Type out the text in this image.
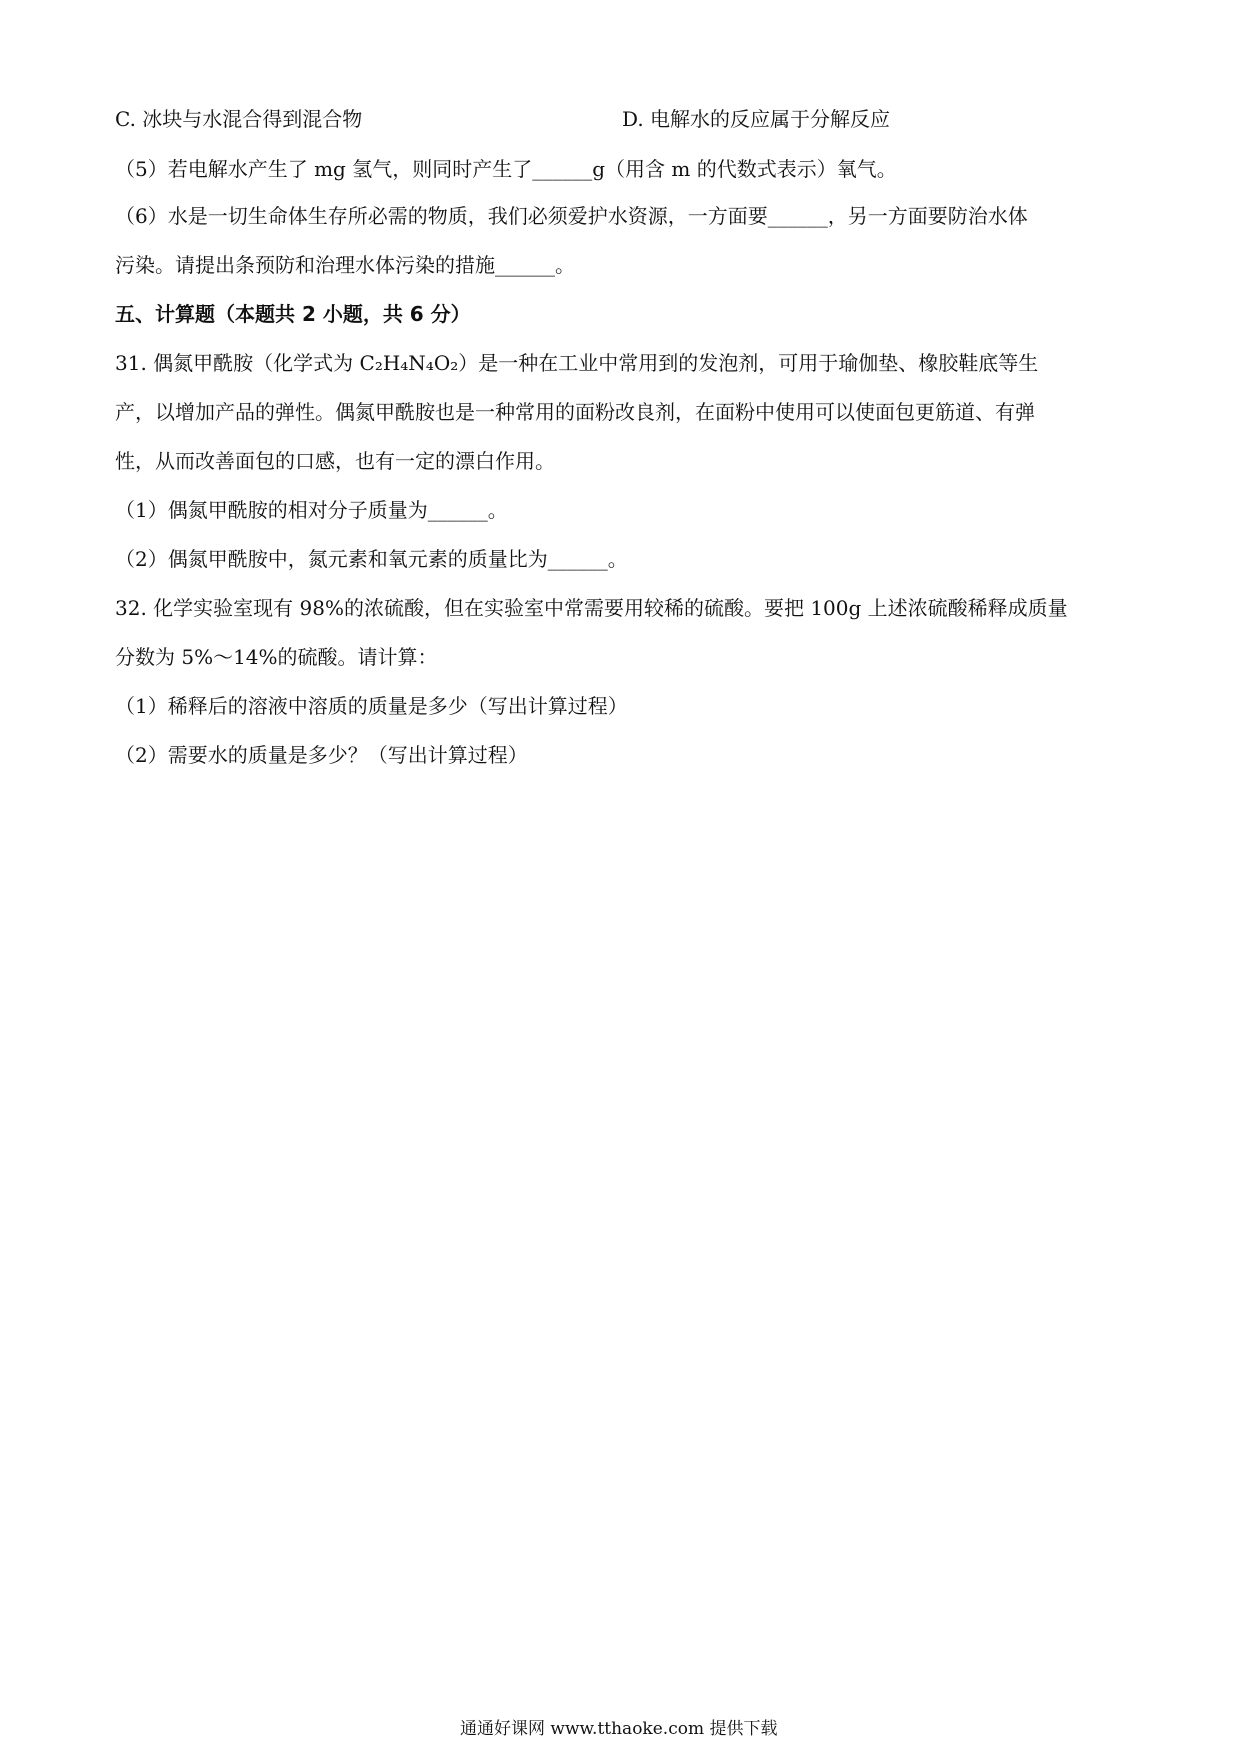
C. 冰块与水混合得到混合物	D. 电解水的反应属于分解反应
（5）若电解水产生了 mg 氢气，则同时产生了______g（用含 m 的代数式表示）氧气。
（6）水是一切生命体生存所必需的物质，我们必须爱护水资源，一方面要______，另一方面要防治水体
污染。请提出条预防和治理水体污染的措施______。
五、计算题（本题共 2 小题，共 6 分）
31. 偶氮甲酰胺（化学式为 C₂H₄N₄O₂）是一种在工业中常用到的发泡剂，可用于瑜伽垫、橡胶鞋底等生
产，以增加产品的弹性。偶氮甲酰胺也是一种常用的面粉改良剂，在面粉中使用可以使面包更筋道、有弹
性，从而改善面包的口感，也有一定的漂白作用。
（1）偶氮甲酰胺的相对分子质量为______。
（2）偶氮甲酰胺中，氮元素和氧元素的质量比为______。
32. 化学实验室现有 98%的浓硫酸，但在实验室中常需要用较稀的硫酸。要把 100g 上述浓硫酸稀释成质量
分数为 5%～14%的硫酸。请计算：
（1）稀释后的溶液中溶质的质量是多少（写出计算过程）
（2）需要水的质量是多少？（写出计算过程）
通通好课网 www.tthaoke.com 提供下载
